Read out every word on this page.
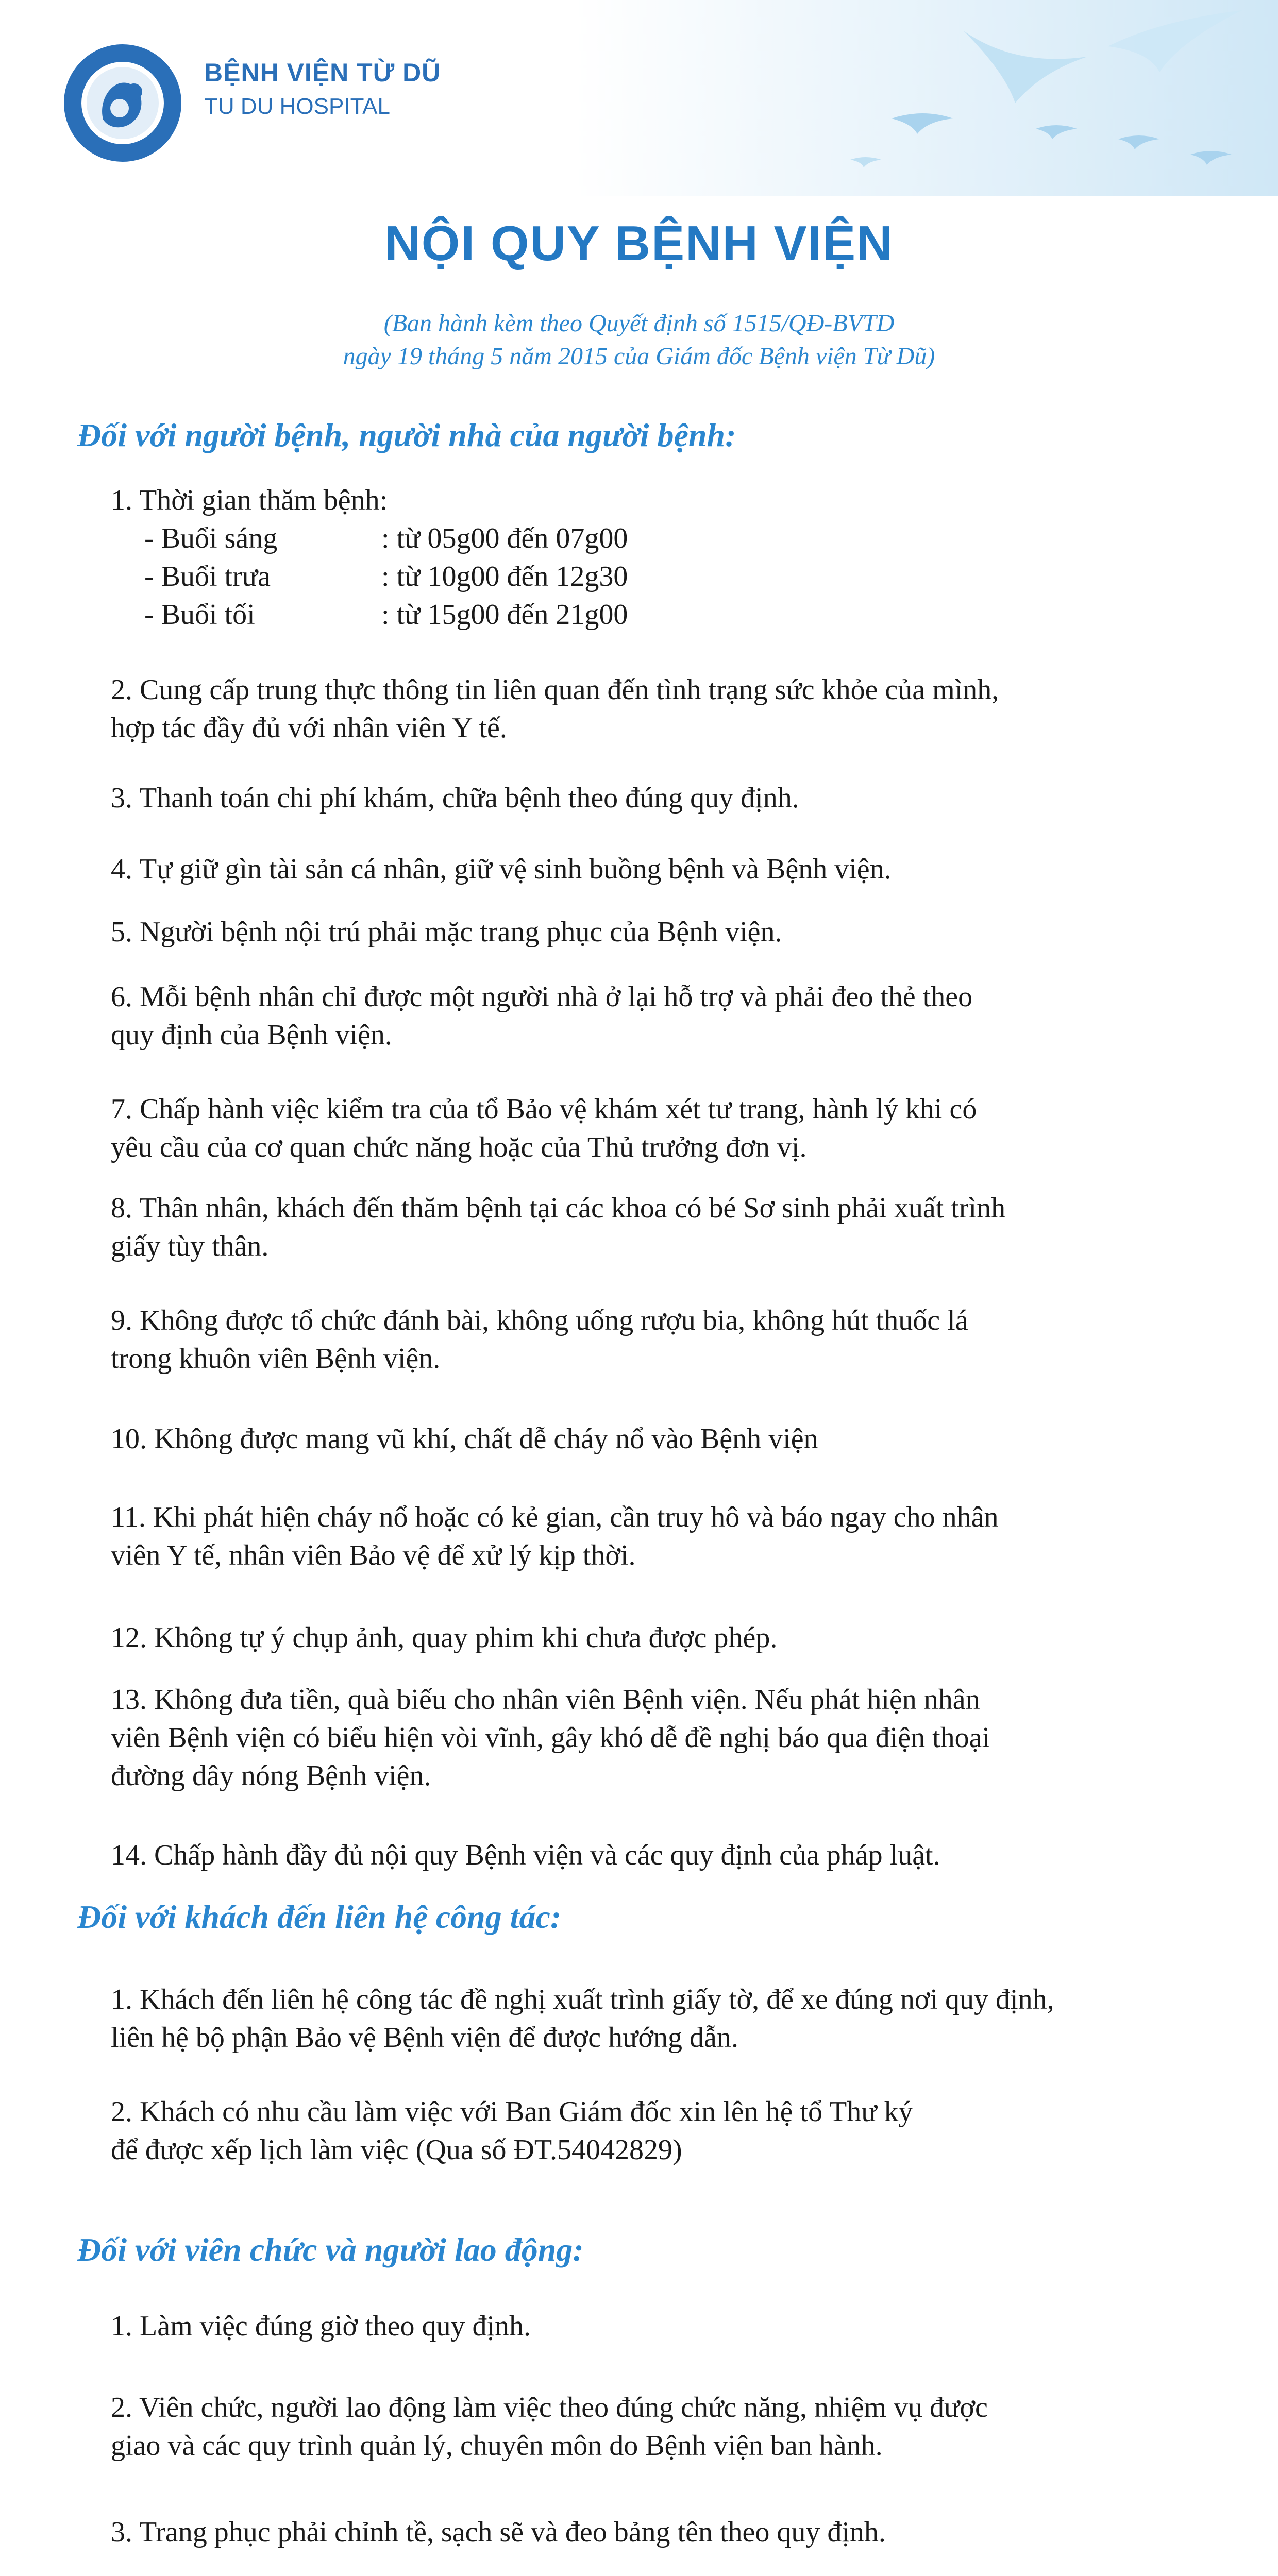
BỆNH VIỆN TỪ DŨ
TU DU HOSPITAL
NỘI QUY BỆNH VIỆN
(Ban hành kèm theo Quyết định số 1515/QĐ-BVTD
ngày 19 tháng 5 năm 2015 của Giám đốc Bệnh viện Từ Dũ)
Đối với người bệnh, người nhà của người bệnh:
1. Thời gian thăm bệnh:
- Buổi sáng	: từ 05g00 đến 07g00
- Buổi trưa	: từ 10g00 đến 12g30
- Buổi tối	: từ 15g00 đến 21g00
2. Cung cấp trung thực thông tin liên quan đến tình trạng sức khỏe của mình,
hợp tác đầy đủ với nhân viên Y tế.
3. Thanh toán chi phí khám, chữa bệnh theo đúng quy định.
4. Tự giữ gìn tài sản cá nhân, giữ vệ sinh buồng bệnh và Bệnh viện.
5. Người bệnh nội trú phải mặc trang phục của Bệnh viện.
6. Mỗi bệnh nhân chỉ được một người nhà ở lại hỗ trợ và phải đeo thẻ theo
quy định của Bệnh viện.
7. Chấp hành việc kiểm tra của tổ Bảo vệ khám xét tư trang, hành lý khi có
yêu cầu của cơ quan chức năng hoặc của Thủ trưởng đơn vị.
8. Thân nhân, khách đến thăm bệnh tại các khoa có bé Sơ sinh phải xuất trình
giấy tùy thân.
9. Không được tổ chức đánh bài, không uống rượu bia, không hút thuốc lá
trong khuôn viên Bệnh viện.
10. Không được mang vũ khí, chất dễ cháy nổ vào Bệnh viện
11. Khi phát hiện cháy nổ hoặc có kẻ gian, cần truy hô và báo ngay cho nhân
viên Y tế, nhân viên Bảo vệ để xử lý kịp thời.
12. Không tự ý chụp ảnh, quay phim khi chưa được phép.
13. Không đưa tiền, quà biếu cho nhân viên Bệnh viện. Nếu phát hiện nhân
viên Bệnh viện có biểu hiện vòi vĩnh, gây khó dễ đề nghị báo qua điện thoại
đường dây nóng Bệnh viện.
14. Chấp hành đầy đủ nội quy Bệnh viện và các quy định của pháp luật.
Đối với khách đến liên hệ công tác:
1. Khách đến liên hệ công tác đề nghị xuất trình giấy tờ, để xe đúng nơi quy định,
liên hệ bộ phận Bảo vệ Bệnh viện để được hướng dẫn.
2. Khách có nhu cầu làm việc với Ban Giám đốc xin lên hệ tổ Thư ký
để được xếp lịch làm việc (Qua số ĐT.54042829)
Đối với viên chức và người lao động:
1. Làm việc đúng giờ theo quy định.
2. Viên chức, người lao động làm việc theo đúng chức năng, nhiệm vụ được
giao và các quy trình quản lý, chuyên môn do Bệnh viện ban hành.
3. Trang phục phải chỉnh tề, sạch sẽ và đeo bảng tên theo quy định.
